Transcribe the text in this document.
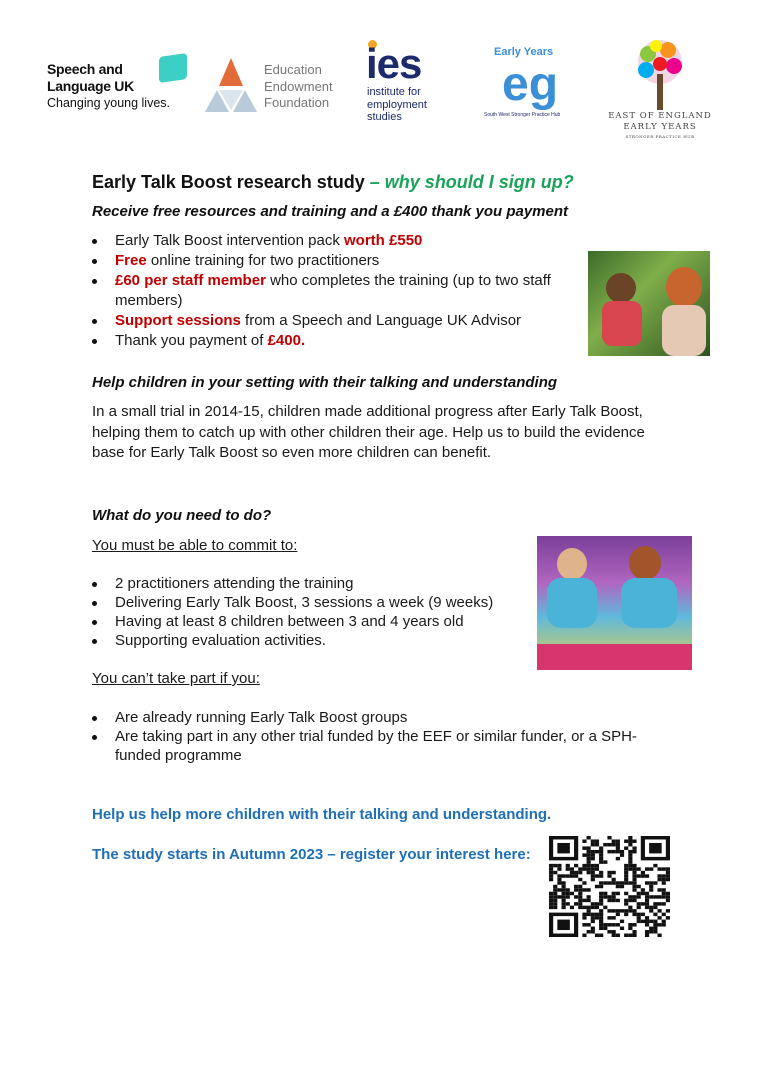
Speech and
Language UK
Changing young lives.
Education
Endowment
Foundation
ies
institute for
employment
studies
Early Years
eg
South West Stronger Practice Hub	EAST OF ENGLAND
EARLY YEARS
STRONGER PRACTICE HUB
Early Talk Boost research study – why should I sign up?
Receive free resources and training and a £400 thank you payment
Early Talk Boost intervention pack worth £550
Free online training for two practitioners
£60 per staff member who completes the training (up to two staff members)
Support sessions from a Speech and Language UK Advisor
Thank you payment of £400.
Help children in your setting with their talking and understanding
In a small trial in 2014-15, children made additional progress after Early Talk Boost, helping them to catch up with other children their age. Help us to build the evidence base for Early Talk Boost so even more children can benefit.
What do you need to do?
You must be able to commit to:
2 practitioners attending the training
Delivering Early Talk Boost, 3 sessions a week (9 weeks)
Having at least 8 children between 3 and 4 years old
Supporting evaluation activities.
You can’t take part if you:
Are already running Early Talk Boost groups
Are taking part in any other trial funded by the EEF or similar funder, or a SPH-funded programme
Help us help more children with their talking and understanding.
The study starts in Autumn 2023 – register your interest here:
